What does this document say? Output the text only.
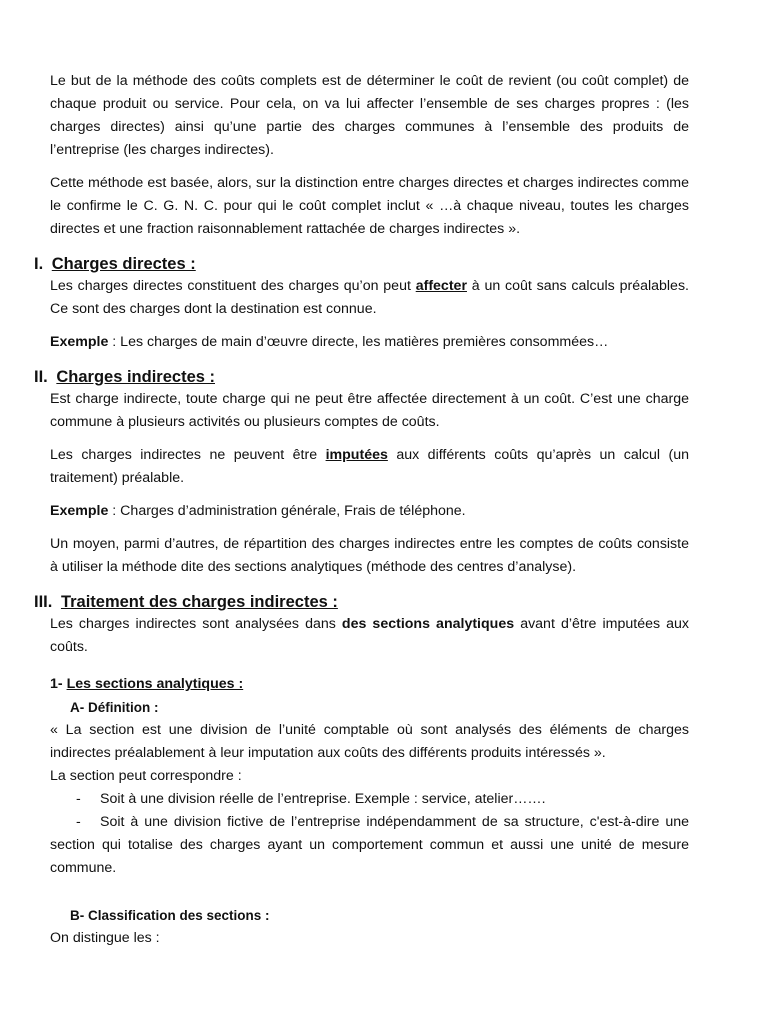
Le but de la méthode des coûts complets est de déterminer le coût de revient (ou coût complet) de chaque produit ou service. Pour cela, on va lui affecter l’ensemble de ses charges propres : (les charges directes) ainsi qu’une partie des charges communes à l’ensemble des produits de l’entreprise (les charges indirectes).

Cette méthode est basée, alors, sur la distinction entre charges directes et charges indirectes comme le confirme le C. G. N. C. pour qui le coût complet inclut « …à chaque niveau, toutes les charges directes et une fraction raisonnablement rattachée de charges indirectes ».

I. Charges directes :

Les charges directes constituent des charges qu’on peut affecter à un coût sans calculs préalables. Ce sont des charges dont la destination est connue.

Exemple : Les charges de main d’œuvre directe, les matières premières consommées…

II. Charges indirectes :

Est charge indirecte, toute charge qui ne peut être affectée directement à un coût. C’est une charge commune à plusieurs activités ou plusieurs comptes de coûts.

Les charges indirectes ne peuvent être imputées aux différents coûts qu’après un calcul (un traitement) préalable.

Exemple : Charges d’administration générale, Frais de téléphone.

Un moyen, parmi d’autres, de répartition des charges indirectes entre les comptes de coûts consiste à utiliser la méthode dite des sections analytiques (méthode des centres d’analyse).

III. Traitement des charges indirectes :

Les charges indirectes sont analysées dans des sections analytiques avant d’être imputées aux coûts.

1- Les sections analytiques :
A- Définition :

« La section est une division de l’unité comptable où sont analysés des éléments de charges indirectes préalablement à leur imputation aux coûts des différents produits intéressés ».

La section peut correspondre :

- Soit à une division réelle de l’entreprise. Exemple : service, atelier…….

- Soit à une division fictive de l’entreprise indépendamment de sa structure, c'est-à-dire une section qui totalise des charges ayant un comportement commun et aussi une unité de mesure commune.

B- Classification des sections :

On distingue les :
